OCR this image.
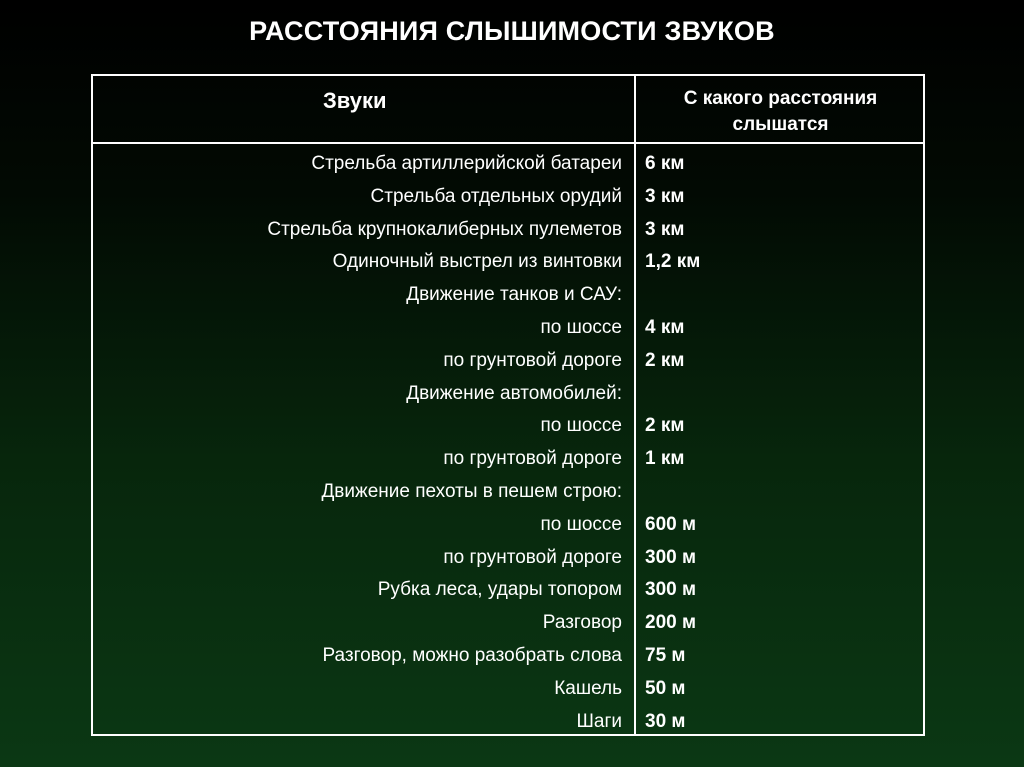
РАССТОЯНИЯ СЛЫШИМОСТИ ЗВУКОВ
Звуки	С какого расстояния
слышатся
Стрельба артиллерийской батареи 6 км
Стрельба отдельных орудий 3 км
Стрельба крупнокалиберных пулеметов 3 км
Одиночный выстрел из винтовки 1,2 км
Движение танков и САУ:
по шоссе 4 км
по грунтовой дороге 2 км
Движение автомобилей:
по шоссе 2 км
по грунтовой дороге 1 км
Движение пехоты в пешем строю:
по шоссе 600 м
по грунтовой дороге 300 м
Рубка леса, удары топором 300 м
Разговор 200 м
Разговор, можно разобрать слова 75 м
Кашель 50 м
Шаги 30 м
